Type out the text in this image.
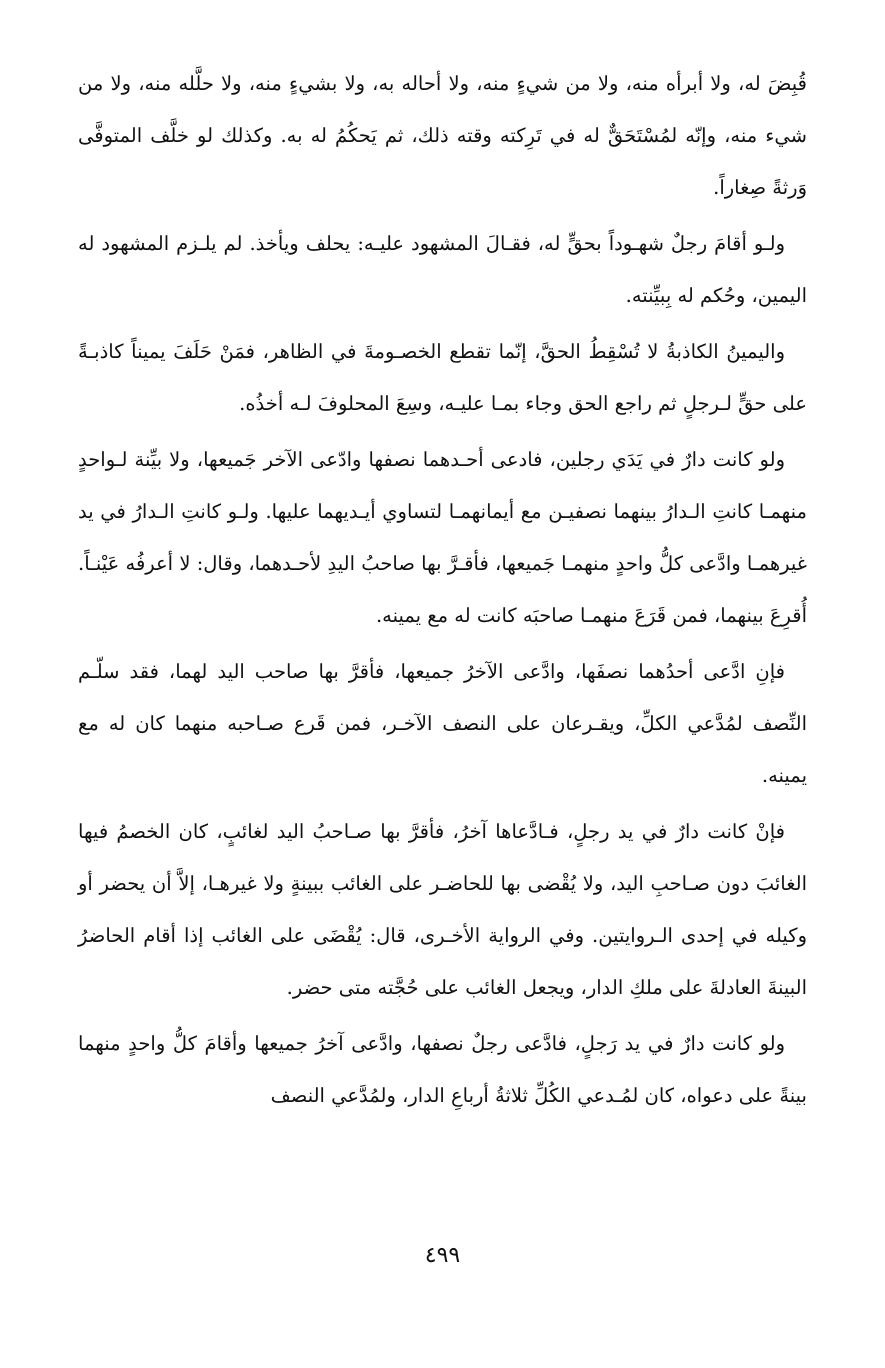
قُبِضَ له، ولا أبرأه منه، ولا من شيءٍ منه، ولا أحاله به، ولا بشيءٍ منه، ولا حلَّله منه، ولا من شيء منه، وإنّه لمُسْتَحَقٌّ له في تَرِكته وقته ذلك، ثم يَحكُمُ له به. وكذلك لو خلَّف المتوفَّى وَرثةً صِغاراً.

ولـو أقامَ رجلٌ شهـوداً بحقٍّ له، فقـالَ المشهود عليـه: يحلف ويأخذ. لم يلـزم المشهود له اليمين، وحُكم له بِبيِّنته.

واليمينُ الكاذبةُ لا تُسْقِطُ الحقَّ، إنّما تقطع الخصـومةَ في الظاهر، فمَنْ حَلَفَ يميناً كاذبـةً على حقٍّ لـرجلٍ ثم راجع الحق وجاء بمـا عليـه، وسِعَ المحلوفَ لـه أخذُه.

ولو كانت دارٌ في يَدَي رجلين، فادعى أحـدهما نصفها وادّعى الآخر جَميعها، ولا بيِّنة لـواحدٍ منهمـا كانتِ الـدارُ بينهما نصفيـن مع أيمانهمـا لتساوي أيـديهما عليها. ولـو كانتِ الـدارُ في يد غيرهمـا وادَّعى كلُّ واحدٍ منهمـا جَميعها، فأقـرَّ بها صاحبُ اليدِ لأحـدهما، وقال: لا أعرفُه عَيْنـاً. أُقرِعَ بينهما، فمن قَرَعَ منهمـا صاحبَه كانت له مع يمينه.

فإنِ ادَّعى أحدُهما نصفَها، وادَّعى الآخرُ جميعها، فأقرَّ بها صاحب اليد لهما، فقد سلّـم النِّصف لمُدَّعي الكلِّ، ويقـرعان على النصف الآخـر، فمن قَرع صـاحبه منهما كان له مع يمينه.

فإنْ كانت دارٌ في يد رجلٍ، فـادَّعاها آخرُ، فأقرَّ بها صـاحبُ اليد لغائبٍ، كان الخصمُ فيها الغائبَ دون صـاحبِ اليد، ولا يُقْضى بها للحاضـر على الغائب ببينةٍ ولا غيرهـا، إلاَّ أن يحضر أو وكيله في إحدى الـروايتين. وفي الرواية الأخـرى، قال: يُقْضَى على الغائب إذا أقام الحاضرُ البينةَ العادلةَ على ملكِ الدار، ويجعل الغائب على حُجَّته متى حضر.

ولو كانت دارٌ في يد رَجلٍ، فادَّعى رجلٌ نصفها، وادَّعى آخرُ جميعها وأقامَ كلُّ واحدٍ منهما بينةً على دعواه، كان لمُـدعي الكُلِّ ثلاثةُ أرباعِ الدار، ولمُدَّعي النصف

٤٩٩
